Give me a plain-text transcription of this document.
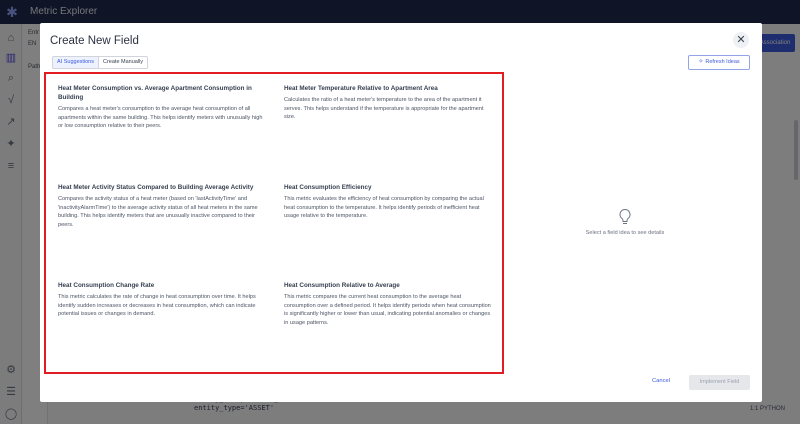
Create New Field	✕
AI Suggestions	Create Manually	✧ Refresh Ideas
Heat Meter Consumption vs. Average Apartment Consumption in Building
Compares a heat meter's consumption to the average heat consumption of all apartments within the same building. This helps identify meters with unusually high or low consumption relative to their peers.
Heat Meter Temperature Relative to Apartment Area
Calculates the ratio of a heat meter's temperature to the area of the apartment it serves. This helps understand if the temperature is appropriate for the apartment size.
Heat Meter Activity Status Compared to Building Average Activity
Compares the activity status of a heat meter (based on 'lastActivityTime' and 'inactivityAlarmTime') to the average activity status of all heat meters in the same building. This helps identify meters that are unusually inactive compared to their peers.
Heat Consumption Efficiency
This metric evaluates the efficiency of heat consumption by comparing the actual heat consumption to the temperature. It helps identify periods of inefficient heat usage relative to the temperature.
Heat Consumption Change Rate
This metric calculates the rate of change in heat consumption over time. It helps identify sudden increases or decreases in heat consumption, which can indicate potential issues or changes in demand.
Heat Consumption Relative to Average
This metric compares the current heat consumption to the average heat consumption over a defined period. It helps identify periods when heat consumption is significantly higher or lower than usual, indicating potential anomalies or changes in usage patterns.
Select a field idea to see details
Cancel	Implement Field
